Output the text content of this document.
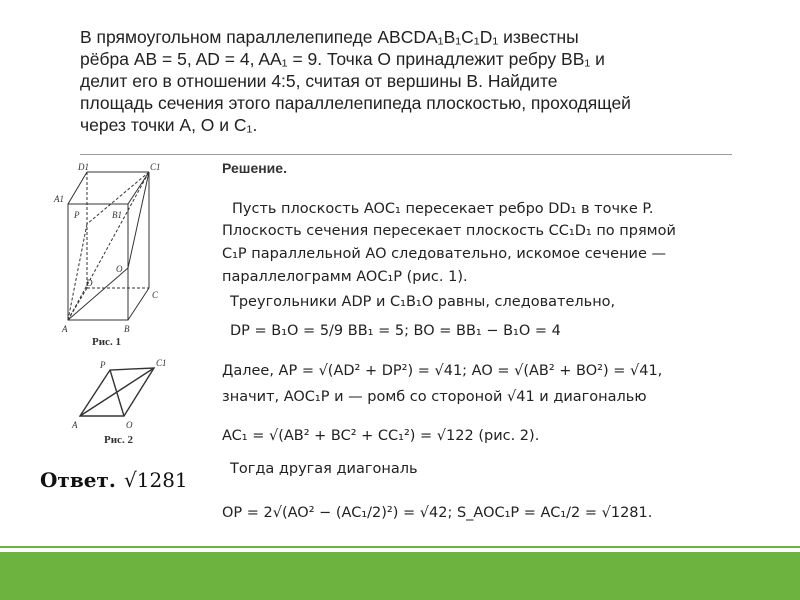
В прямоугольном параллелепипеде ABCDA₁B₁C₁D₁ известны

рёбра AB = 5, AD = 4, AA₁ = 9. Точка O принадлежит ребру BB₁ и

делит его в отношении 4:5, считая от вершины B. Найдите

площадь сечения этого параллелепипеда плоскостью, проходящей

через точки A, O и C₁.

D1	C1
A1
B1
P
O
D
C
A	B
Рис. 1
C1
O
P
A
Рис. 2
Решение.
Пусть плоскость AOC₁ пересекает ребро DD₁ в точке P.
Плоскость сечения пересекает плоскость CC₁D₁ по прямой
C₁P параллельной AO следовательно, искомое сечение —
параллелограмм AOC₁P (рис. 1).
Треугольники ADP и C₁B₁O равны, следовательно,
DP = B₁O = 5/9 BB₁ = 5; BO = BB₁ − B₁O = 4
Далее, AP = √(AD² + DP²) = √41; AO = √(AB² + BO²) = √41,
значит, AOC₁P и — ромб со стороной √41 и диагональю
AC₁ = √(AB² + BC² + CC₁²) = √122 (рис. 2).
Тогда другая диагональ
OP = 2√(AO² − (AC₁/2)²) = √42; S_AOC₁P = AC₁/2 = √1281.
Ответ. √1281
